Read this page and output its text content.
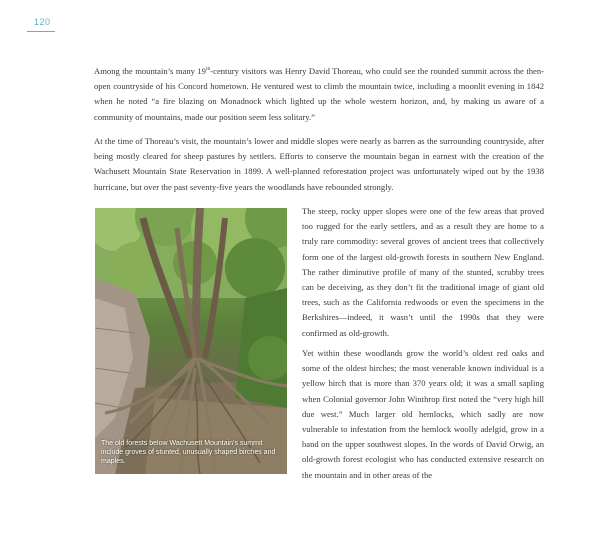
120

Among the mountain’s many 19th-century visitors was Henry David Thoreau, who could see the rounded summit across the then-open countryside of his Concord hometown. He ventured west to climb the mountain twice, including a moonlit evening in 1842 when he noted “a fire blazing on Monadnock which lighted up the whole western horizon, and, by making us aware of a community of mountains, made our position seem less solitary.”

At the time of Thoreau’s visit, the mountain’s lower and middle slopes were nearly as barren as the surrounding countryside, after being mostly cleared for sheep pastures by settlers. Efforts to conserve the mountain began in earnest with the creation of the Wachusett Mountain State Reservation in 1899. A well-planned reforestation project was unfortunately wiped out by the 1938 hurricane, but over the past seventy-five years the woodlands have rebounded strongly.

The old forests below Wachusett Mountain’s summit include groves of stunted, unusually shaped birches and maples.

The steep, rocky upper slopes were one of the few areas that proved too rugged for the early settlers, and as a result they are home to a truly rare commodity: several groves of ancient trees that collectively form one of the largest old-growth forests in southern New England. The rather diminutive profile of many of the stunted, scrubby trees can be deceiving, as they don’t fit the traditional image of giant old trees, such as the California redwoods or even the specimens in the Berkshires—indeed, it wasn’t until the 1990s that they were confirmed as old-growth.

Yet within these woodlands grow the world’s oldest red oaks and some of the oldest birches; the most venerable known individual is a yellow birch that is more than 370 years old; it was a small sapling when Colonial governor John Winthrop first noted the “very high hill due west.” Much larger old hemlocks, which sadly are now vulnerable to infestation from the hemlock woolly adelgid, grow in a band on the upper southwest slopes. In the words of David Orwig, an old-growth forest ecologist who has conducted extensive research on the mountain and in other areas of the
